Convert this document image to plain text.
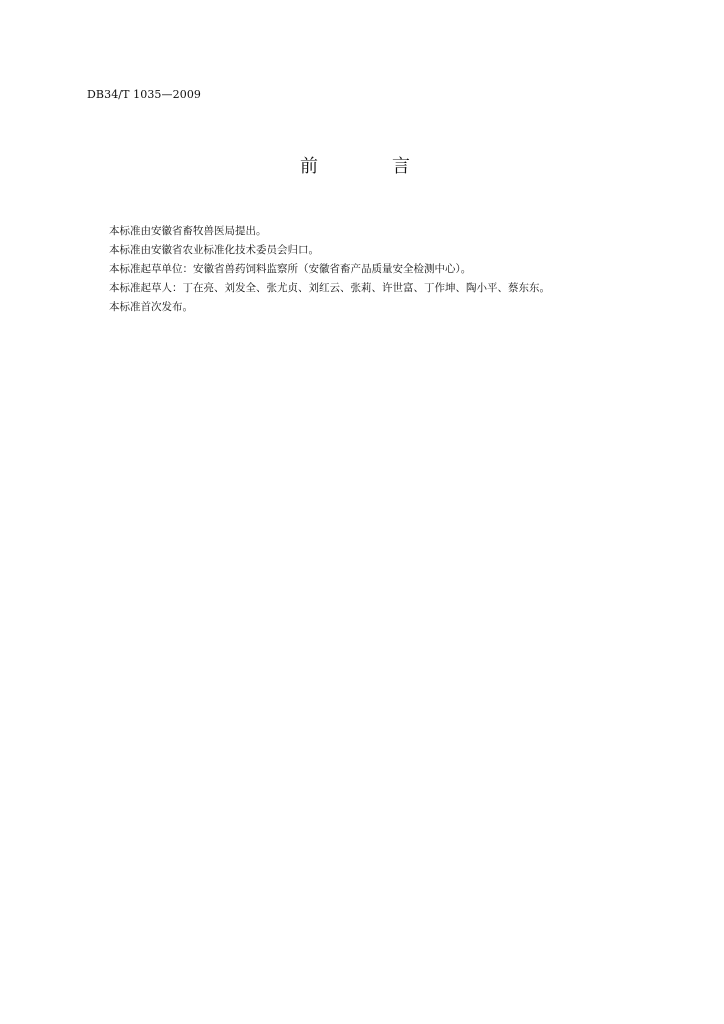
DB34/T 1035—2009
前　言

本标准由安徽省畜牧兽医局提出。

本标准由安徽省农业标准化技术委员会归口。

本标准起草单位：安徽省兽药饲料监察所（安徽省畜产品质量安全检测中心）。

本标准起草人：丁在亮、刘发全、张尤贞、刘红云、张莉、许世富、丁作坤、陶小平、蔡东东。

本标准首次发布。
